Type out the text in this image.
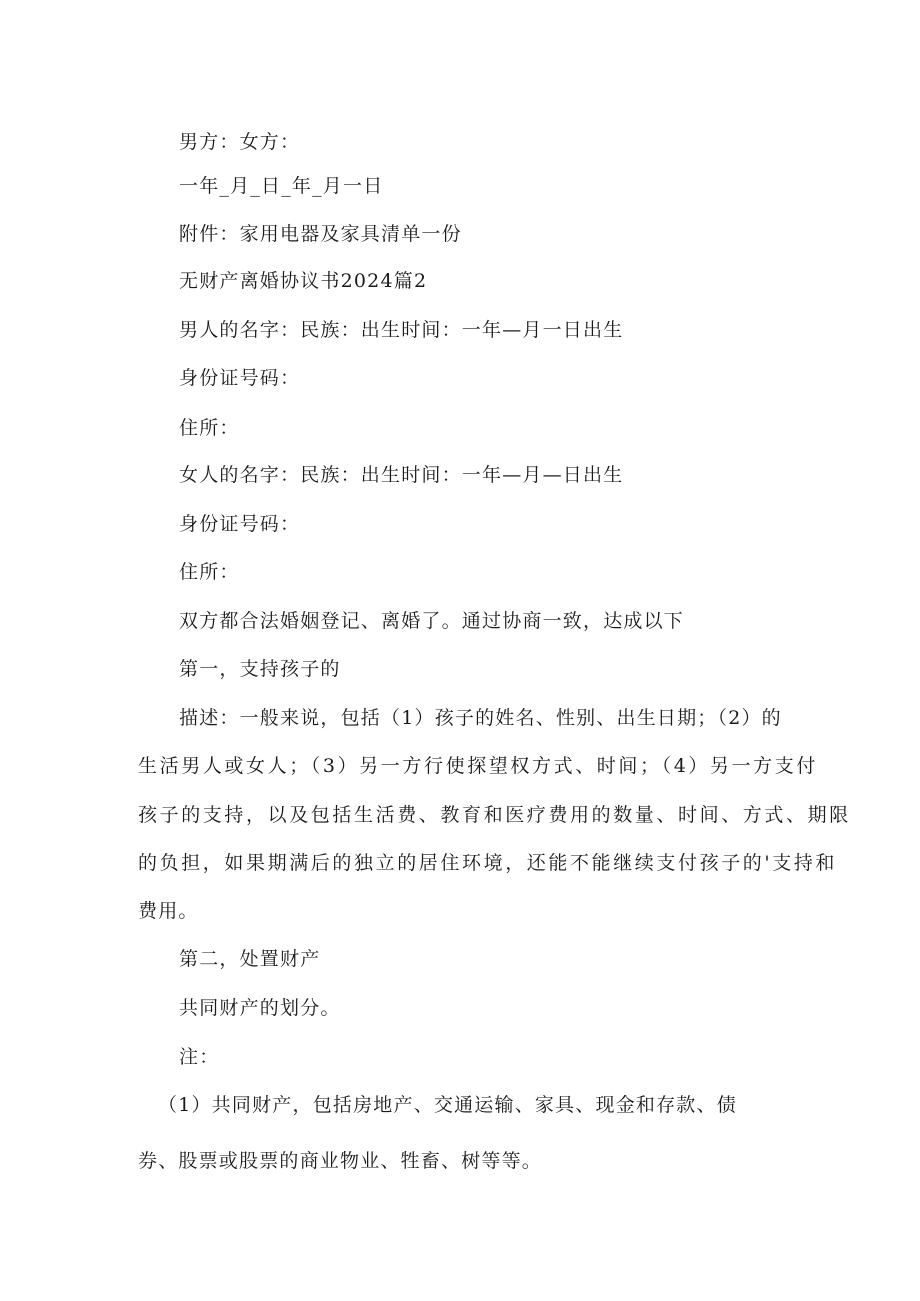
男方：女方：

一年_月_日_年_月一日

附件：家用电器及家具清单一份

无财产离婚协议书2024篇2

男人的名字：民族：出生时间：一年—月一日出生

身份证号码：

住所：

女人的名字：民族：出生时间：一年—月—日出生

身份证号码：

住所：

双方都合法婚姻登记、离婚了。通过协商一致，达成以下

第一，支持孩子的

描述：一般来说，包括（1）孩子的姓名、性别、出生日期；（2）的

生活男人或女人；（3）另一方行使探望权方式、时间；（4）另一方支付

孩子的支持，以及包括生活费、教育和医疗费用的数量、时间、方式、期限

的负担，如果期满后的独立的居住环境，还能不能继续支付孩子的'支持和

费用。

第二，处置财产

共同财产的划分。

注：

（1）共同财产，包括房地产、交通运输、家具、现金和存款、债

券、股票或股票的商业物业、牲畜、树等等。
